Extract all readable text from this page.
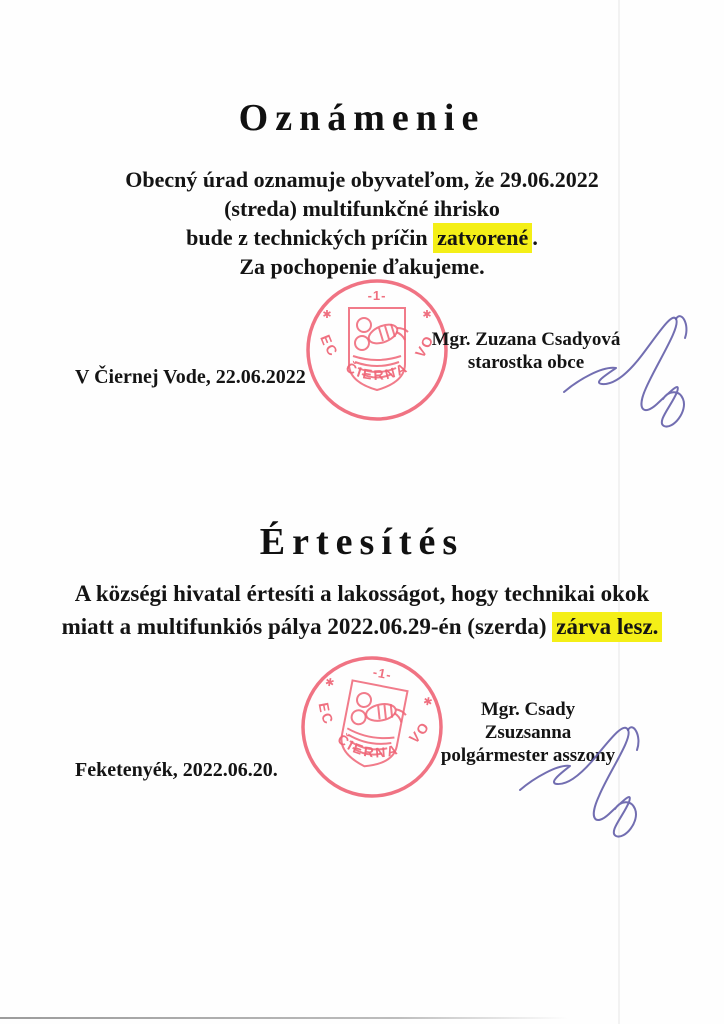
Oznámenie
Obecný úrad oznamuje obyvateľom, že 29.06.2022
(streda) multifunkčné ihrisko
bude z technických príčin zatvorené .
Za pochopenie ďakujeme.
-1-
✱	✱
OBEC ČIERNA VODA	Mgr. Zuzana Csadyová
starostka obce
V Čiernej Vode, 22.06.2022
Értesítés
A községi hivatal értesíti a lakosságot, hogy technikai okok
miatt a multifunkiós pálya 2022.06.29-én (szerda) zárva lesz.
-1-
✱
✱
OBEC ČIERNA VODA
Mgr. Csady Zsuzsanna
polgármester asszony
Feketenyék, 2022.06.20.
